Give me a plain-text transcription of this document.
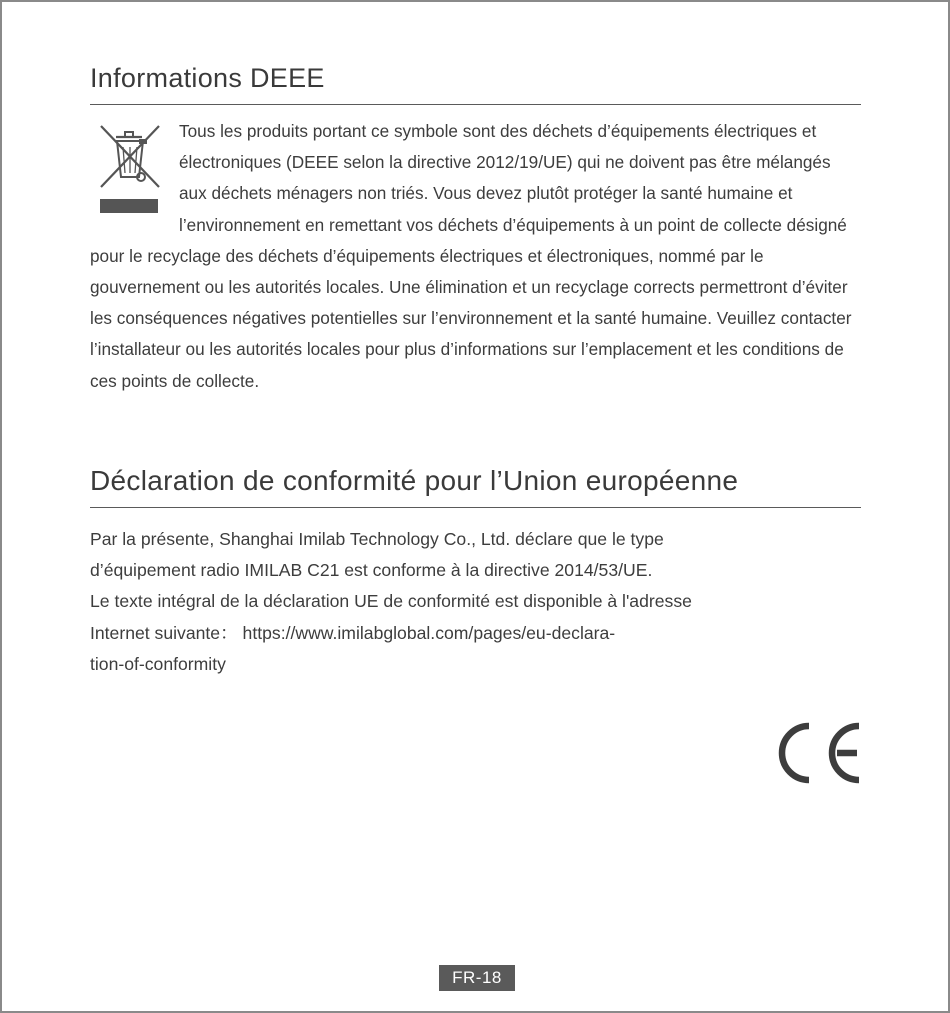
Informations DEEE

Tous les produits portant ce symbole sont des déchets d’équipements électriques et électroniques (DEEE selon la directive 2012/19/UE) qui ne doivent pas être mélangés aux déchets ménagers non triés. Vous devez plutôt protéger la santé humaine et l’environnement en remettant vos déchets d’équipements à un point de collecte désigné pour le recyclage des déchets d’équipements électriques et électroniques, nommé par le gouvernement ou les autorités locales. Une élimination et un recyclage corrects permettront d’éviter les conséquences négatives potentielles sur l’environnement et la santé humaine. Veuillez contacter l’installateur ou les autorités locales pour plus d’informations sur l’emplacement et les conditions de ces points de collecte.

Déclaration de conformité pour l’Union européenne

Par la présente, Shanghai Imilab Technology Co., Ltd. déclare que le type
d’équipement radio IMILAB C21 est conforme à la directive 2014/53/UE.
Le texte intégral de la déclaration UE de conformité est disponible à l'adresse
Internet suivante： https://www.imilabglobal.com/pages/eu-declara-
tion-of-conformity

FR-18
